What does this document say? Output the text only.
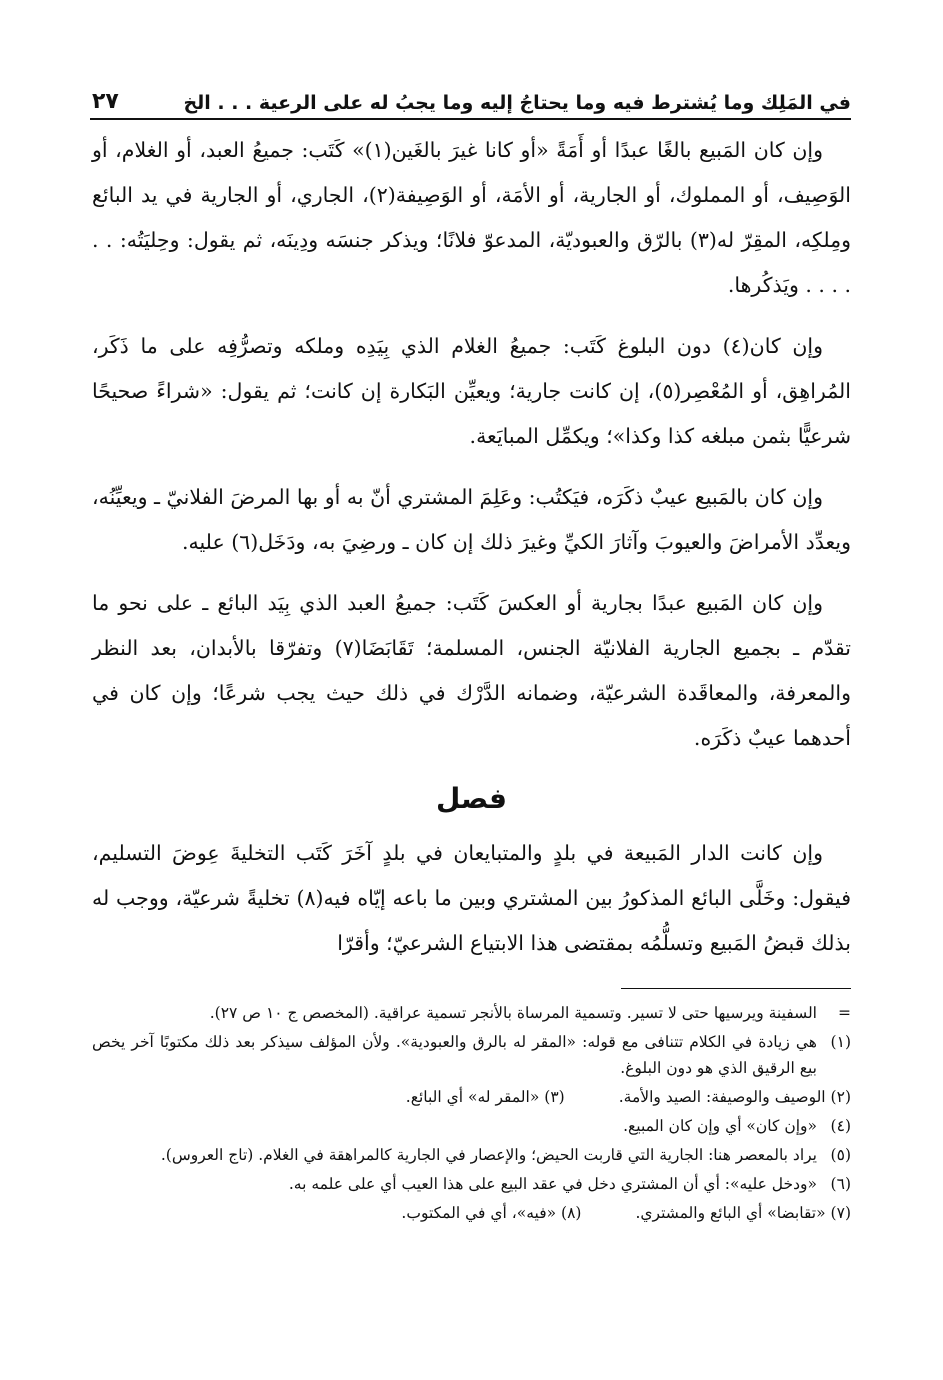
في المَلِك وما يُشترط فيه وما يحتاجُ إليه وما يجبُ له على الرعية . . . الخ
٢٧

وإن كان المَبيع بالغًا عبدًا أو أَمَةً «أو كانا غيرَ بالغَين(١)» كَتَب: جميعُ العبد، أو الغلام، أو الوَصِيف، أو المملوك، أو الجارية، أو الأمَة، أو الوَصِيفة(٢)، الجاري، أو الجارية في يد البائع ومِلكِه، المقِرّ له(٣) بالرّق والعبوديّة، المدعوّ فلانًا؛ ويذكر جنسَه ودِينَه، ثم يقول: وحِليَتُه: . . . . . . ويَذكُرها.

وإن كان(٤) دون البلوغ كَتَب: جميعُ الغلام الذي بِيَدِه وملكه وتصرُّفِه على ما ذَكَر، المُراهِق، أو المُعْصِر(٥)، إن كانت جارية؛ ويعيِّن البَكارة إن كانت؛ ثم يقول: «شراءً صحيحًا شرعيًّا بثمن مبلغه كذا وكذا»؛ ويكمِّل المبايَعة.

وإن كان بالمَبيع عيبٌ ذكَرَه، فيَكتُب: وعَلِمَ المشتري أنّ به أو بها المرضَ الفلانيّ ـ ويعيِّنُه، ويعدِّد الأمراضَ والعيوبَ وآثارَ الكيِّ وغيرَ ذلك إن كان ـ ورضِيَ به، ودَخَل(٦) عليه.

وإن كان المَبيع عبدًا بجارية أو العكسَ كَتَب: جميعُ العبد الذي بِيَد البائع ـ على نحو ما تقدّم ـ بجميع الجارية الفلانيّة الجنس، المسلمة؛ تَقَابَضَا(٧) وتفرّقا بالأبدان، بعد النظر والمعرفة، والمعاقَدة الشرعيّة، وضمانه الدَّرْك في ذلك حيث يجب شرعًا؛ وإن كان في أحدهما عيبٌ ذكَرَه.

فصل

وإن كانت الدار المَبيعة في بلدٍ والمتبايعان في بلدٍ آخَرَ كَتَب التخليةَ عِوضَ التسليم، فيقول: وخَلَّى البائع المذكورُ بين المشتري وبين ما باعه إيّاه فيه(٨) تخليةً شرعيّة، ووجب له بذلك قبضُ المَبيع وتسلُّمُه بمقتضى هذا الابتياع الشرعيّ؛ وأقرّا

=
السفينة ويرسيها حتى لا تسير. وتسمية المرساة بالأنجر تسمية عراقية. (المخصص ج ١٠ ص ٢٧).
(١)
هي زيادة في الكلام تتنافى مع قوله: «المقر له بالرق والعبودية». ولأن المؤلف سيذكر بعد ذلك مكتوبًا آخر يخص بيع الرقيق الذي هو دون البلوغ.
(٢) الوصيف والوصيفة: الصيد والأمة.
(٣) «المقر له» أي البائع.
(٤)
«وإن كان» أي وإن كان المبيع.
(٥)
يراد بالمعصر هنا: الجارية التي قاربت الحيض؛ والإعصار في الجارية كالمراهقة في الغلام. (تاج العروس).
(٦)
«ودخل عليه»: أي أن المشتري دخل في عقد البيع على هذا العيب أي على علمه به.
(٧) «تقابضا» أي البائع والمشتري.
(٨) «فيه»، أي في المكتوب.
